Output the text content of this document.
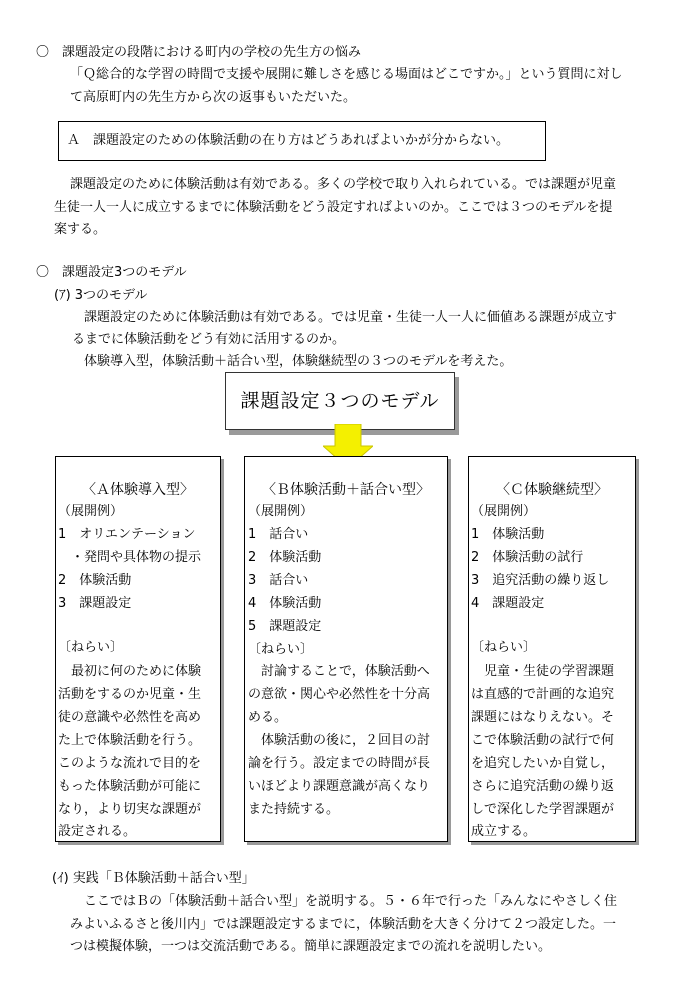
〇　課題設定の段階における町内の学校の先生方の悩み
「Ｑ総合的な学習の時間で支援や展開に難しさを感じる場面はどこですか。」という質問に対し
て高原町内の先生方から次の返事もいただいた。
Ａ　課題設定のための体験活動の在り方はどうあればよいかが分からない。
課題設定のために体験活動は有効である。多くの学校で取り入れられている。では課題が児童
生徒一人一人に成立するまでに体験活動をどう設定すればよいのか。ここでは３つのモデルを提
案する。
〇　課題設定3つのモデル
(ｱ) 3つのモデル
課題設定のために体験活動は有効である。では児童・生徒一人一人に価値ある課題が成立す
るまでに体験活動をどう有効に活用するのか。
体験導入型，体験活動＋話合い型，体験継続型の３つのモデルを考えた。
課題設定３つのモデル
〈Ａ体験導入型〉
（展開例）
1　オリエンテーション
　・発問や具体物の提示
2　体験活動
3　課題設定
〔ねらい〕
　最初に何のために体験
活動をするのか児童・生
徒の意識や必然性を高め
た上で体験活動を行う。
このような流れで目的を
もった体験活動が可能に
なり，より切実な課題が
設定される。
〈Ｂ体験活動＋話合い型〉
（展開例）
1　話合い
2　体験活動
3　話合い
4　体験活動
5　課題設定
〔ねらい〕
　討論することで，体験活動へ
の意欲・関心や必然性を十分高
める。
　体験活動の後に，２回目の討
論を行う。設定までの時間が長
いほどより課題意識が高くなり
また持続する。
〈Ｃ体験継続型〉
（展開例）
1　体験活動
2　体験活動の試行
3　追究活動の繰り返し
4　課題設定
〔ねらい〕
　児童・生徒の学習課題
は直感的で計画的な追究
課題にはなりえない。そ
こで体験活動の試行で何
を追究したいか自覚し，
さらに追究活動の繰り返
しで深化した学習課題が
成立する。
(ｲ) 実践「Ｂ体験活動＋話合い型」
ここではＢの「体験活動＋話合い型」を説明する。５・６年で行った「みんなにやさしく住
みよいふるさと後川内」では課題設定するまでに，体験活動を大きく分けて２つ設定した。一
つは模擬体験，一つは交流活動である。簡単に課題設定までの流れを説明したい。
